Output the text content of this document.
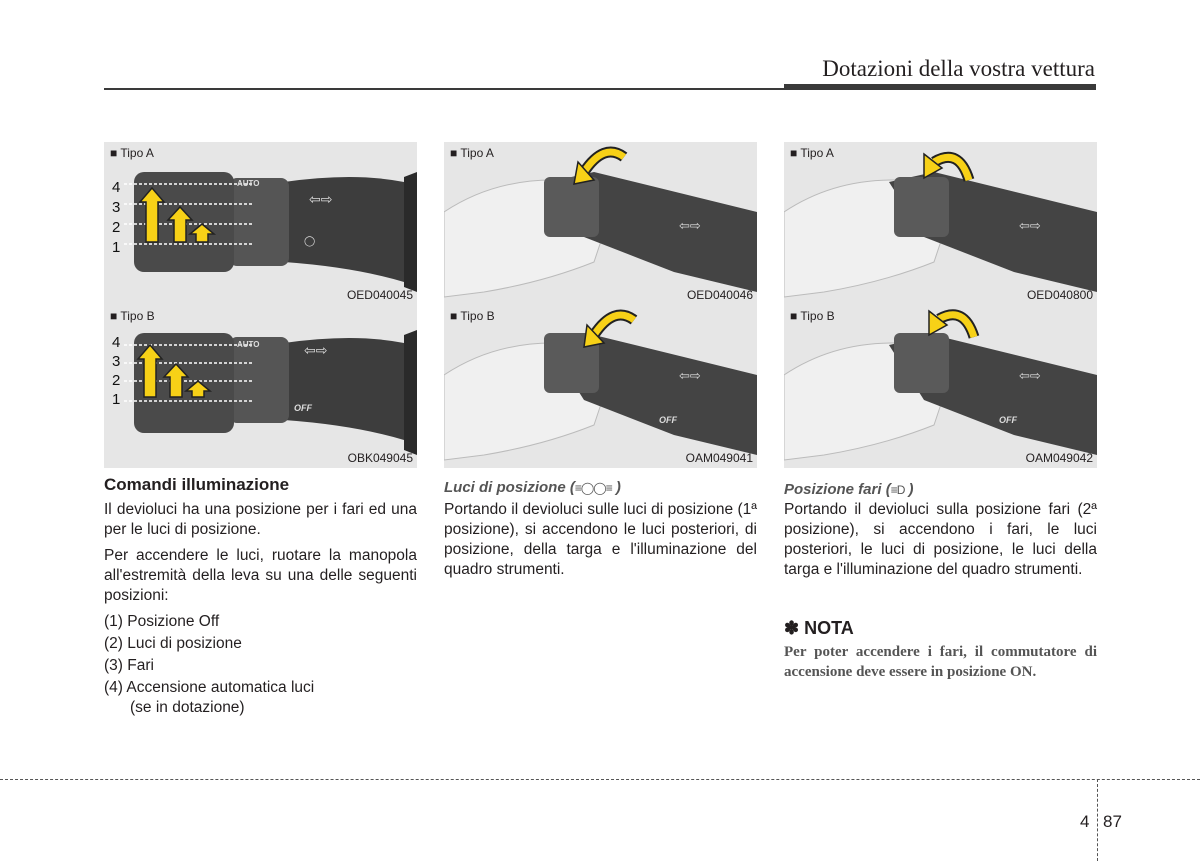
Dotazioni della vostra vettura
⇦⇨
◯
AUTO
4
3
2
1
■ Tipo A
OED040045
⇦⇨
OFF
AUTO
4
3
2
1
■ Tipo B
OBK049045
⇦⇨
■ Tipo A
OED040046
⇦⇨
OFF
■ Tipo B
OAM049041
⇦⇨
■ Tipo A
OED040800
⇦⇨
OFF
■ Tipo B
OAM049042
Comandi illuminazione

Il devioluci ha una posizione per i fari ed una per le luci di posizione.

Per accendere le luci, ruotare la manopola all'estremità della leva su una delle seguenti posizioni:

(1) Posizione Off
(2) Luci di posizione
(3) Fari
(4) Accensione automatica luci
(se in dotazione)
Luci di posizione (≡◯◯≡ )
Portando il devioluci sulle luci di posizione (1ª posizione), si accendono le luci posteriori, di posizione, della targa e l'illuminazione del quadro strumenti.
Posizione fari (≡D )
Portando il devioluci sulla posizione fari (2ª posizione), si accendono i fari, le luci posteriori, le luci di posizione, le luci della targa e l'illuminazione del quadro strumenti.
✽ NOTA
Per poter accendere i fari, il commutatore di accensione deve essere in posizione ON.
4 87
